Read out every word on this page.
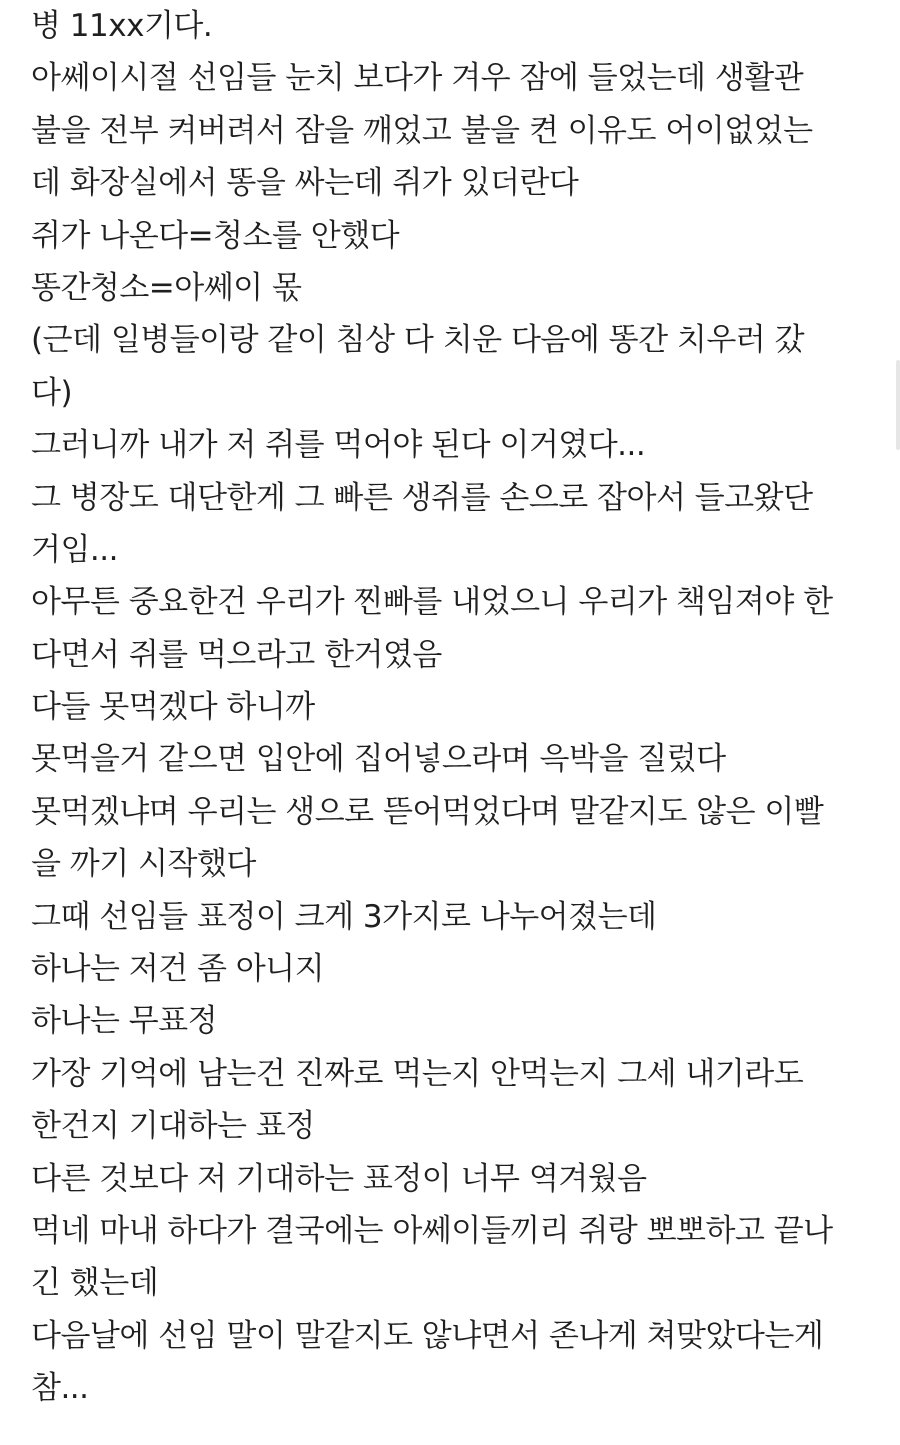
병 11xx기다.
아쎄이시절 선임들 눈치 보다가 겨우 잠에 들었는데 생활관
불을 전부 켜버려서 잠을 깨었고 불을 켠 이유도 어이없었는
데 화장실에서 똥을 싸는데 쥐가 있더란다
쥐가 나온다=청소를 안했다
똥간청소=아쎄이 몫
(근데 일병들이랑 같이 침상 다 치운 다음에 똥간 치우러 갔
다)
그러니까 내가 저 쥐를 먹어야 된다 이거였다...
그 병장도 대단한게 그 빠른 생쥐를 손으로 잡아서 들고왔단
거임...
아무튼 중요한건 우리가 찐빠를 내었으니 우리가 책임져야 한
다면서 쥐를 먹으라고 한거였음
다들 못먹겠다 하니까
못먹을거 같으면 입안에 집어넣으라며 윽박을 질렀다
못먹겠냐며 우리는 생으로 뜯어먹었다며 말같지도 않은 이빨
을 까기 시작했다
그때 선임들 표정이 크게 3가지로 나누어졌는데
하나는 저건 좀 아니지
하나는 무표정
가장 기억에 남는건 진짜로 먹는지 안먹는지 그세 내기라도
한건지 기대하는 표정
다른 것보다 저 기대하는 표정이 너무 역겨웠음
먹네 마내 하다가 결국에는 아쎄이들끼리 쥐랑 뽀뽀하고 끝나
긴 했는데
다음날에 선임 말이 말같지도 않냐면서 존나게 쳐맞았다는게
참...
